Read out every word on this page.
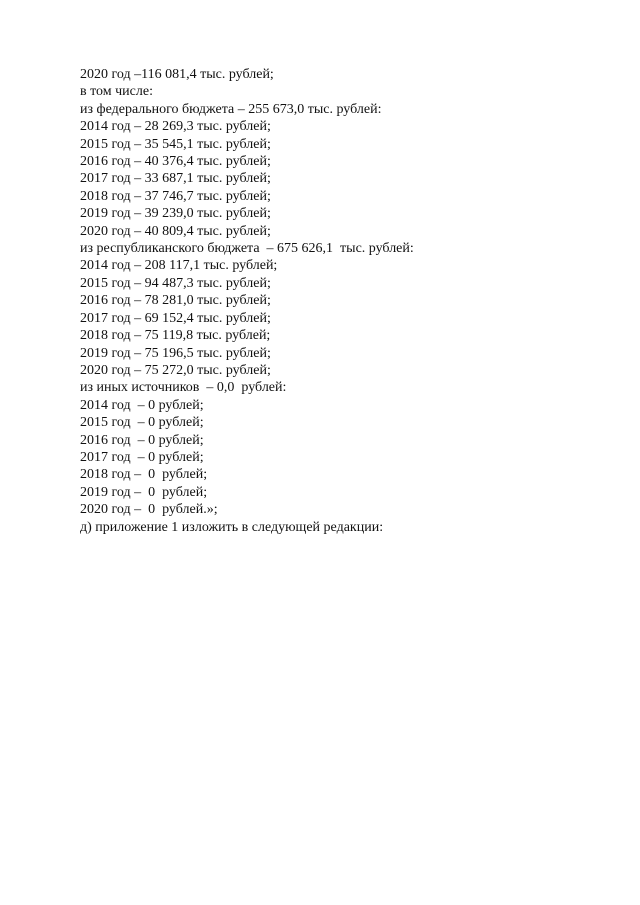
2020 год –116 081,4 тыс. рублей;

в том числе:

из федерального бюджета – 255 673,0 тыс. рублей:

2014 год – 28 269,3 тыс. рублей;

2015 год – 35 545,1 тыс. рублей;

2016 год – 40 376,4 тыс. рублей;

2017 год – 33 687,1 тыс. рублей;

2018 год – 37 746,7 тыс. рублей;

2019 год – 39 239,0 тыс. рублей;

2020 год – 40 809,4 тыс. рублей;

из республиканского бюджета  – 675 626,1  тыс. рублей:

2014 год – 208 117,1 тыс. рублей;

2015 год – 94 487,3 тыс. рублей;

2016 год – 78 281,0 тыс. рублей;

2017 год – 69 152,4 тыс. рублей;

2018 год – 75 119,8 тыс. рублей;

2019 год – 75 196,5 тыс. рублей;

2020 год – 75 272,0 тыс. рублей;

из иных источников  – 0,0  рублей:

2014 год  – 0 рублей;

2015 год  – 0 рублей;

2016 год  – 0 рублей;

2017 год  – 0 рублей;

2018 год –  0  рублей;

2019 год –  0  рублей;

2020 год –  0  рублей.»;

д) приложение 1 изложить в следующей редакции:
